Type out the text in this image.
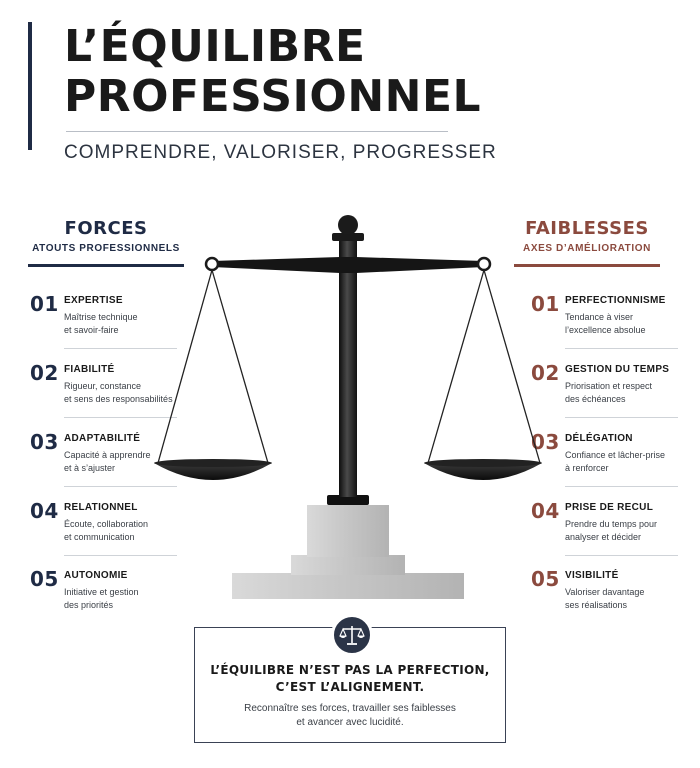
L’ÉQUILIBRE
PROFESSIONNEL
COMPRENDRE, VALORISER, PROGRESSER
FORCES
ATOUTS PROFESSIONNELS
FAIBLESSES
AXES D’AMÉLIORATION
01 EXPERTISE
Maîtrise technique
et savoir-faire
02 FIABILITÉ
Rigueur, constance
et sens des responsabilités
03 ADAPTABILITÉ
Capacité à apprendre
et à s’ajuster
04 RELATIONNEL
Écoute, collaboration
et communication
05 AUTONOMIE
Initiative et gestion
des priorités
01 PERFECTIONNISME
Tendance à viser
l’excellence absolue
02 GESTION DU TEMPS
Priorisation et respect
des échéances
03 DÉLÉGATION
Confiance et lâcher-prise
à renforcer
04 PRISE DE RECUL
Prendre du temps pour
analyser et décider
05 VISIBILITÉ
Valoriser davantage
ses réalisations
L’ÉQUILIBRE N’EST PAS LA PERFECTION,
C’EST L’ALIGNEMENT.
Reconnaître ses forces, travailler ses faiblesses
et avancer avec lucidité.
